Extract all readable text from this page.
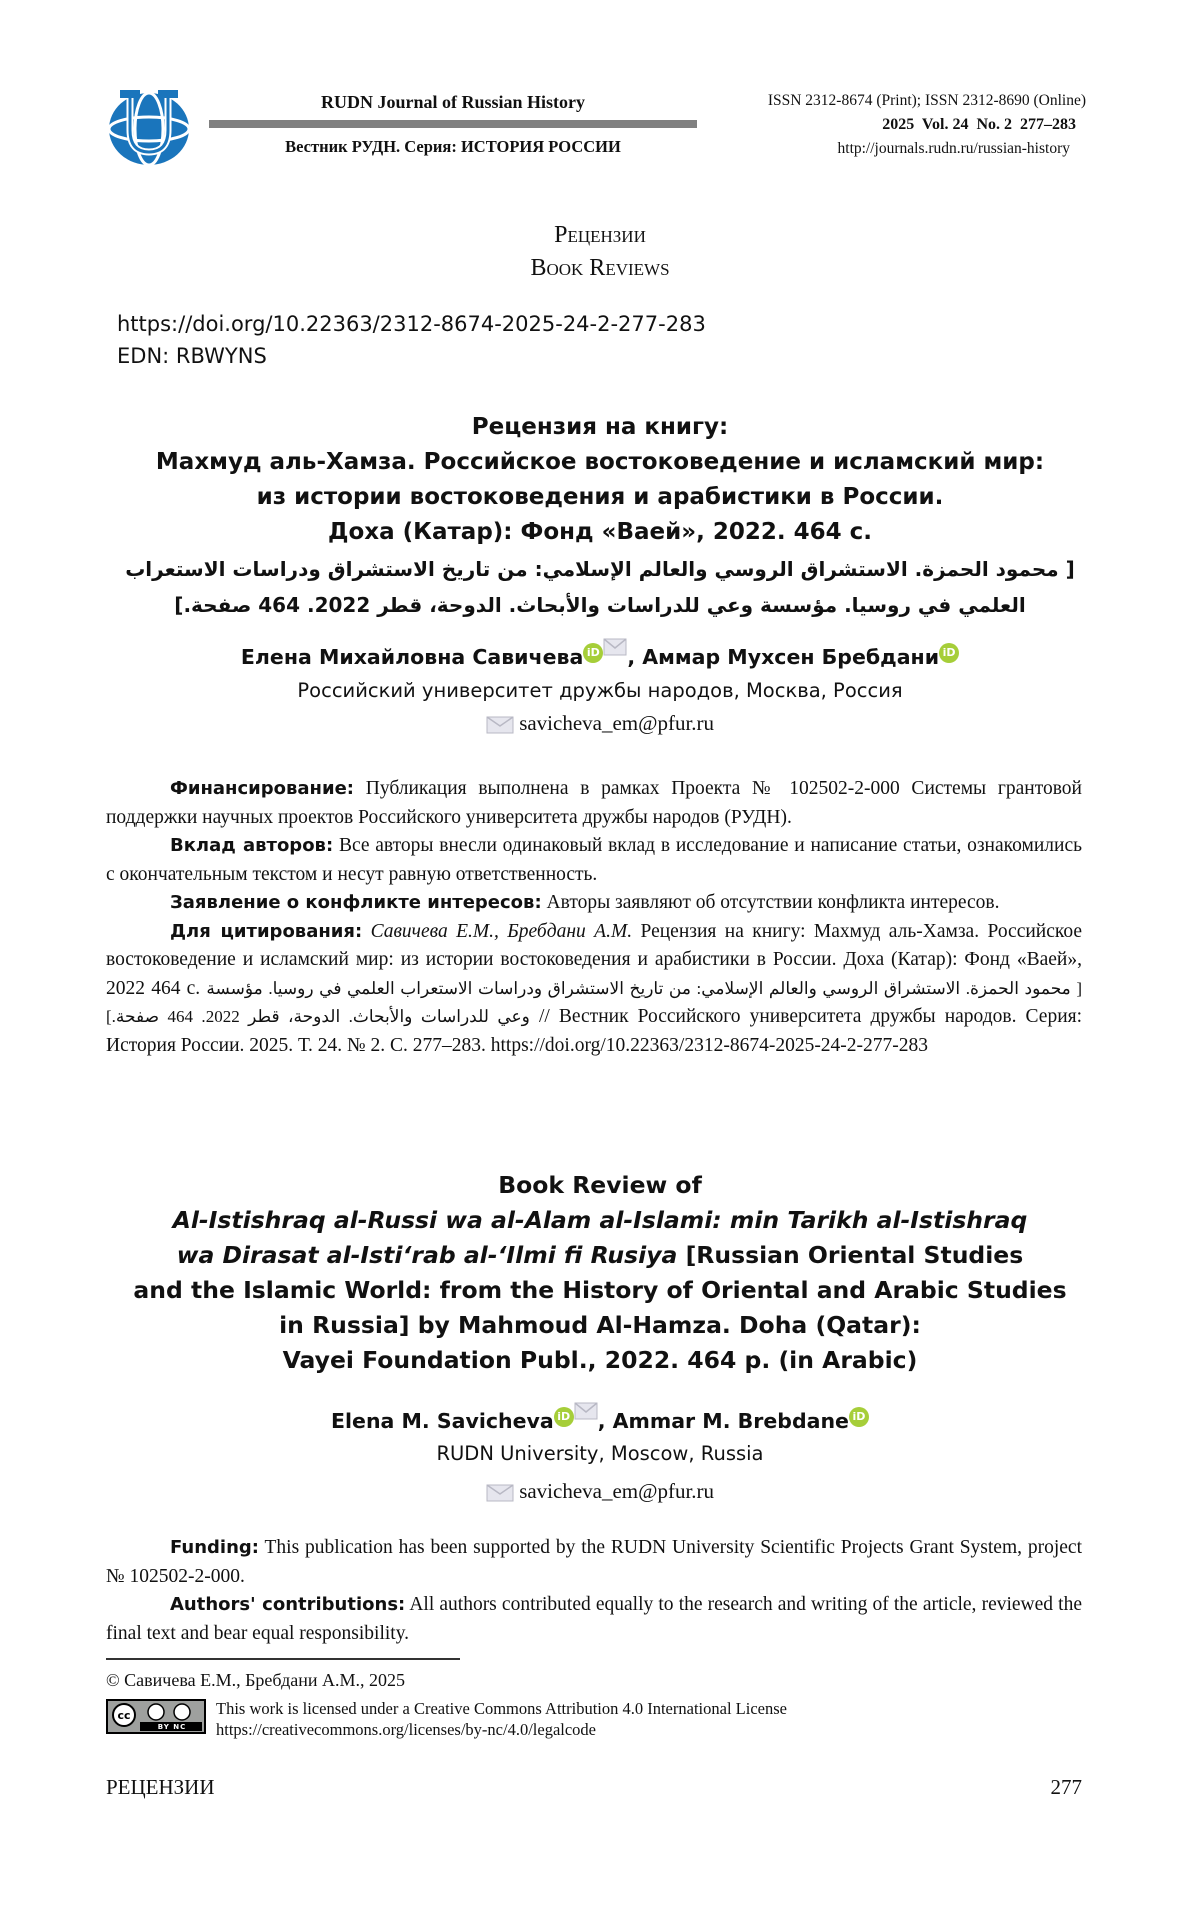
RUDN Journal of Russian History
Вестник РУДН. Серия: ИСТОРИЯ РОССИИ
ISSN 2312-8674 (Print); ISSN 2312-8690 (Online)
2025  Vol. 24  No. 2  277–283
http://journals.rudn.ru/russian-history
Рецензии
Book Reviews
https://doi.org/10.22363/2312-8674-2025-24-2-277-283
EDN: RBWYNS
Рецензия на книгу:
Махмуд аль-Хамза. Российское востоковедение и исламский мир:
из истории востоковедения и арабистики в России.
Доха (Катар): Фонд «Ваей», 2022. 464 с.
[ محمود الحمزة. الاستشراق الروسي والعالم الإسلامي: من تاريخ الاستشراق ودراسات الاستعراب
العلمي في روسيا. مؤسسة وعي للدراسات والأبحاث. الدوحة، قطر 2022. 464 صفحة.]
Елена Михайловна Савичева iD , Аммар Мухсен Бребдани iD
Российский университет дружбы народов, Москва, Россия
savicheva_em@pfur.ru
Финансирование: Публикация выполнена в рамках Проекта № 102502-2-000 Системы грантовой поддержки научных проектов Российского университета дружбы народов (РУДН).
Вклад авторов: Все авторы внесли одинаковый вклад в исследование и написание статьи, ознакомились с окончательным текстом и несут равную ответственность.
Заявление о конфликте интересов: Авторы заявляют об отсутствии конфликта интересов.
Для цитирования: Савичева Е.М., Бребдани А.М. Рецензия на книгу: Махмуд аль-Хамза. Российское востоковедение и исламский мир: из истории востоковедения и арабистики в России. Доха (Катар): Фонд «Ваей», 2022 464 с. [ محمود الحمزة. الاستشراق الروسي والعالم الإسلامي: من تاريخ الاستشراق ودراسات الاستعراب العلمي في روسيا. مؤسسة وعي للدراسات والأبحاث. الدوحة، قطر 2022. 464 صفحة.] // Вестник Российского университета дружбы народов. Серия: История России. 2025. Т. 24. № 2. С. 277–283. https://doi.org/10.22363/2312-8674-2025-24-2-277-283
Book Review of
Al-Istishraq al-Russi wa al-Alam al-Islami: min Tarikh al-Istishraq
wa Dirasat al-Isti‘rab al-‘Ilmi fi Rusiya [Russian Oriental Studies
and the Islamic World: from the History of Oriental and Arabic Studies
in Russia] by Mahmoud Al-Hamza. Doha (Qatar):
Vayei Foundation Publ., 2022. 464 p. (in Arabic)
Elena M. Savicheva iD , Ammar M. Brebdane iD
RUDN University, Moscow, Russia
savicheva_em@pfur.ru
Funding: This publication has been supported by the RUDN University Scientific Projects Grant System, project № 102502-2-000.
Authors' contributions: All authors contributed equally to the research and writing of the article, reviewed the final text and bear equal responsibility.
© Савичева Е.М., Бребдани А.М., 2025
cc
BY NC
This work is licensed under a Creative Commons Attribution 4.0 International License
https://creativecommons.org/licenses/by-nc/4.0/legalcode
РЕЦЕНЗИИ	277
